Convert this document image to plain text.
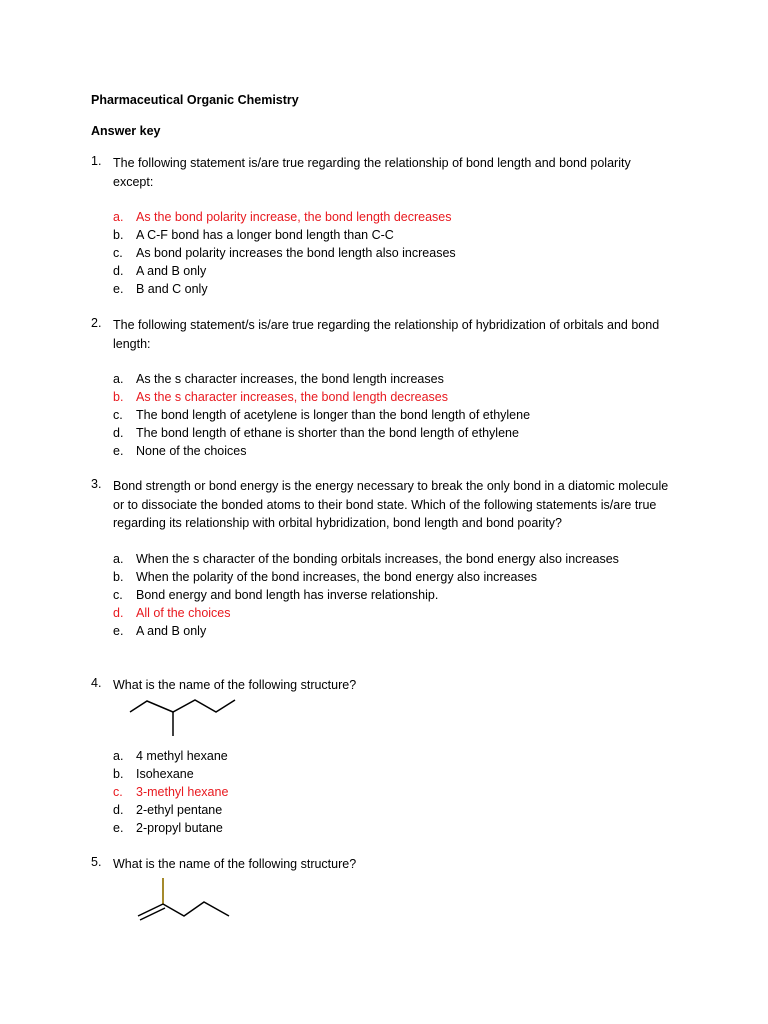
Pharmaceutical Organic Chemistry
Answer key
1. The following statement is/are true regarding the relationship of bond length and bond polarity except:
a. As the bond polarity increase, the bond length decreases
b. A C-F bond has a longer bond length than C-C
c. As bond polarity increases the bond length also increases
d. A and B only
e. B and C only
2. The following statement/s is/are true regarding the relationship of hybridization of orbitals and bond length:
a. As the s character increases, the bond length increases
b. As the s character increases, the bond length decreases
c. The bond length of acetylene is longer than the bond length of ethylene
d. The bond length of ethane is shorter than the bond length of ethylene
e. None of the choices
3. Bond strength or bond energy is the energy necessary to break the only bond in a diatomic molecule or to dissociate the bonded atoms to their bond state. Which of the following statements is/are true regarding its relationship with orbital hybridization, bond length and bond poarity?
a. When the s character of the bonding orbitals increases, the bond energy also increases
b. When the polarity of the bond increases, the bond energy also increases
c. Bond energy and bond length has inverse relationship.
d. All of the choices
e. A and B only
4. What is the name of the following structure?
a. 4 methyl hexane
b. Isohexane
c. 3-methyl hexane
d. 2-ethyl pentane
e. 2-propyl butane
5. What is the name of the following structure?
